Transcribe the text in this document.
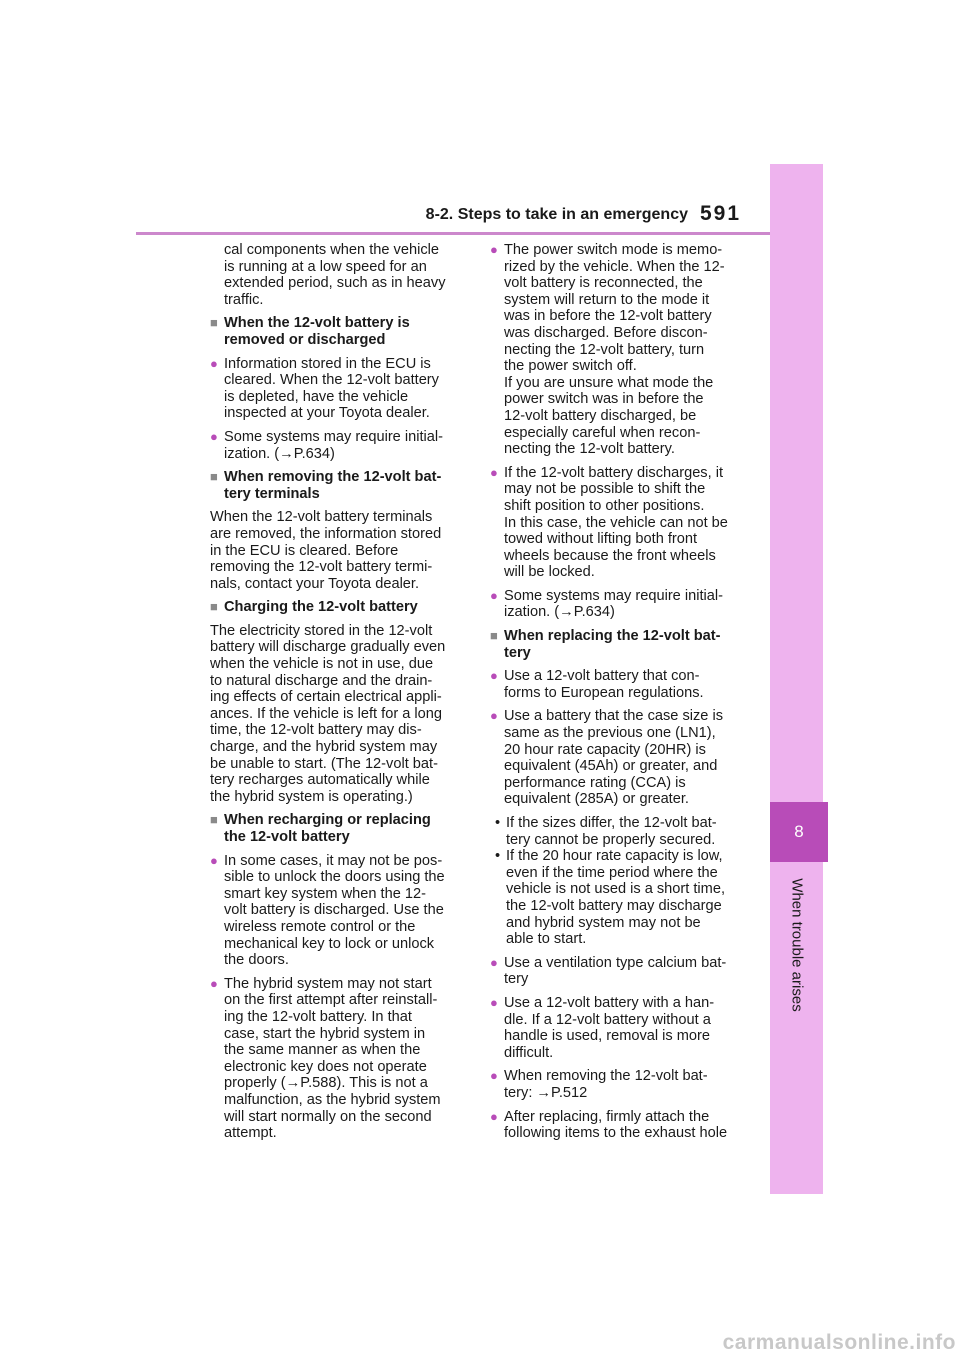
8-2. Steps to take in an emergency 591
8
When trouble arises
cal components when the vehicle
is running at a low speed for an
extended period, such as in heavy
traffic.
■ When the 12-volt battery is
removed or discharged
● Information stored in the ECU is
cleared. When the 12-volt battery
is depleted, have the vehicle
inspected at your Toyota dealer.
● Some systems may require initial-
ization. (→P.634)
■ When removing the 12-volt bat-
tery terminals
When the 12-volt battery terminals
are removed, the information stored
in the ECU is cleared. Before
removing the 12-volt battery termi-
nals, contact your Toyota dealer.
■ Charging the 12-volt battery
The electricity stored in the 12-volt
battery will discharge gradually even
when the vehicle is not in use, due
to natural discharge and the drain-
ing effects of certain electrical appli-
ances. If the vehicle is left for a long
time, the 12-volt battery may dis-
charge, and the hybrid system may
be unable to start. (The 12-volt bat-
tery recharges automatically while
the hybrid system is operating.)
■ When recharging or replacing
the 12-volt battery
● In some cases, it may not be pos-
sible to unlock the doors using the
smart key system when the 12-
volt battery is discharged. Use the
wireless remote control or the
mechanical key to lock or unlock
the doors.
● The hybrid system may not start
on the first attempt after reinstall-
ing the 12-volt battery. In that
case, start the hybrid system in
the same manner as when the
electronic key does not operate
properly (→P.588). This is not a
malfunction, as the hybrid system
will start normally on the second
attempt.
● The power switch mode is memo-
rized by the vehicle. When the 12-
volt battery is reconnected, the
system will return to the mode it
was in before the 12-volt battery
was discharged. Before discon-
necting the 12-volt battery, turn
the power switch off.
If you are unsure what mode the
power switch was in before the
12-volt battery discharged, be
especially careful when recon-
necting the 12-volt battery.
● If the 12-volt battery discharges, it
may not be possible to shift the
shift position to other positions.
In this case, the vehicle can not be
towed without lifting both front
wheels because the front wheels
will be locked.
● Some systems may require initial-
ization. (→P.634)
■ When replacing the 12-volt bat-
tery
● Use a 12-volt battery that con-
forms to European regulations.
● Use a battery that the case size is
same as the previous one (LN1),
20 hour rate capacity (20HR) is
equivalent (45Ah) or greater, and
performance rating (CCA) is
equivalent (285A) or greater.
• If the sizes differ, the 12-volt bat-
tery cannot be properly secured.
• If the 20 hour rate capacity is low,
even if the time period where the
vehicle is not used is a short time,
the 12-volt battery may discharge
and hybrid system may not be
able to start.
● Use a ventilation type calcium bat-
tery
● Use a 12-volt battery with a han-
dle. If a 12-volt battery without a
handle is used, removal is more
difficult.
● When removing the 12-volt bat-
tery: →P.512
● After replacing, firmly attach the
following items to the exhaust hole
carmanualsonline.info
